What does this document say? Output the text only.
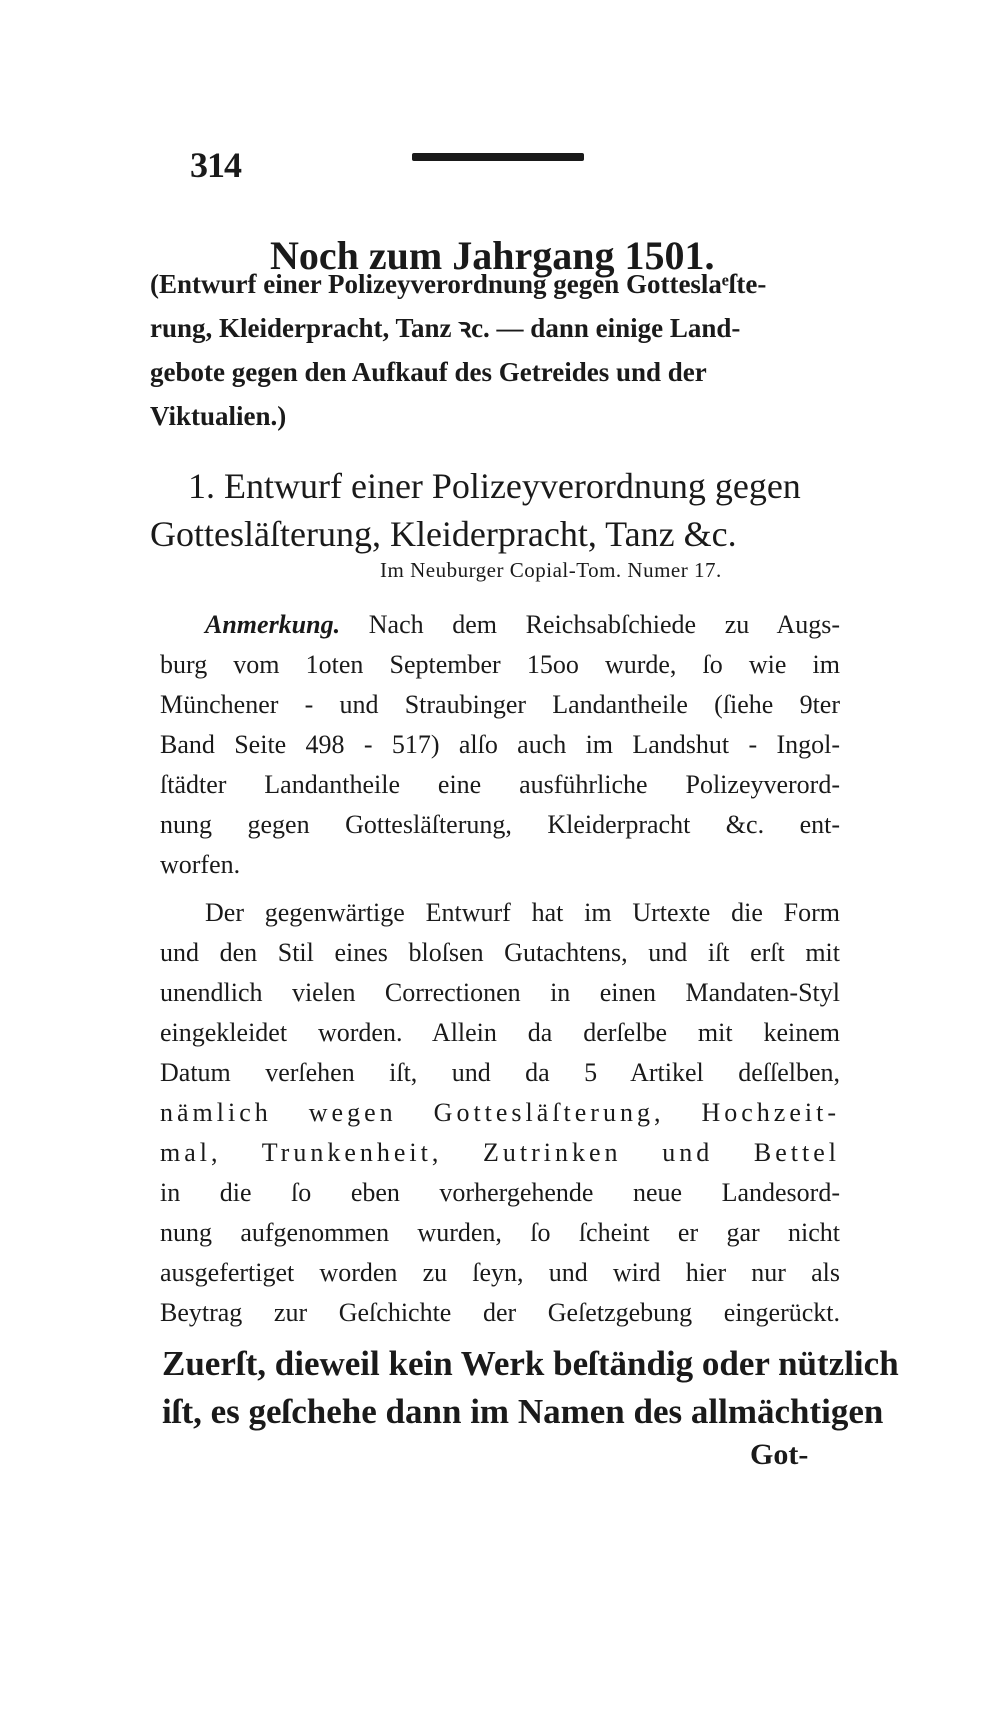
314
Noch zum Jahrgang 1501.
(Entwurf einer Polizeyverordnung gegen Gotteslaͤſte-
rung, Kleiderpracht, Tanz ꝛc. — dann einige Land-
gebote gegen den Aufkauf des Getreides und der
Viktualien.)
1. Entwurf einer Polizeyverordnung gegen
Gottesläſterung, Kleiderpracht, Tanz &c.
Im Neuburger Copial-Tom. Numer 17.
Anmerkung. Nach dem Reichsabſchiede zu Augs-
burg vom 1oten September 15oo wurde, ſo wie im
Münchener - und Straubinger Landantheile (ſiehe 9ter
Band Seite 498 - 517) alſo auch im Landshut - Ingol-
ſtädter Landantheile eine ausführliche Polizeyverord-
nung gegen Gottesläſterung, Kleiderpracht &c. ent-
worfen.
Der gegenwärtige Entwurf hat im Urtexte die Form
und den Stil eines bloſsen Gutachtens, und iſt erſt mit
unendlich vielen Correctionen in einen Mandaten-Styl
eingekleidet worden. Allein da derſelbe mit keinem
Datum verſehen iſt, und da 5 Artikel deſſelben,
nämlich wegen Gottesläſterung, Hochzeit-
mal, Trunkenheit, Zutrinken und Bettel
in die ſo eben vorhergehende neue Landesord-
nung aufgenommen wurden, ſo ſcheint er gar nicht
ausgefertiget worden zu ſeyn, und wird hier nur als
Beytrag zur Geſchichte der Geſetzgebung eingerückt.
Zuerſt, dieweil kein Werk beſtändig oder nützlich
iſt, es geſchehe dann im Namen des allmächtigen
Got-
